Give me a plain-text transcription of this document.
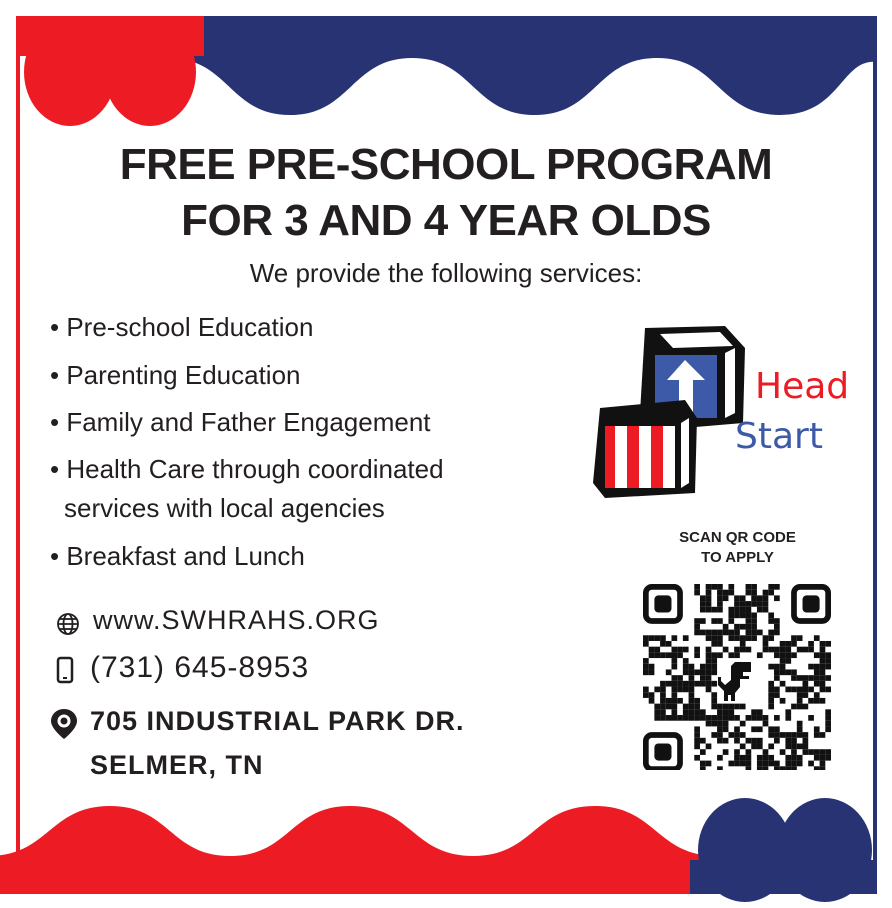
FREE PRE-SCHOOL PROGRAM
FOR 3 AND 4 YEAR OLDS
We provide the following services:
• Pre-school Education
• Parenting Education
• Family and Father Engagement
• Health Care through coordinated
services with local agencies
• Breakfast and Lunch
www.SWHRAHS.ORG
(731) 645-8953
705 INDUSTRIAL PARK DR.
SELMER, TN
Head
Start
SCAN QR CODE
TO APPLY
